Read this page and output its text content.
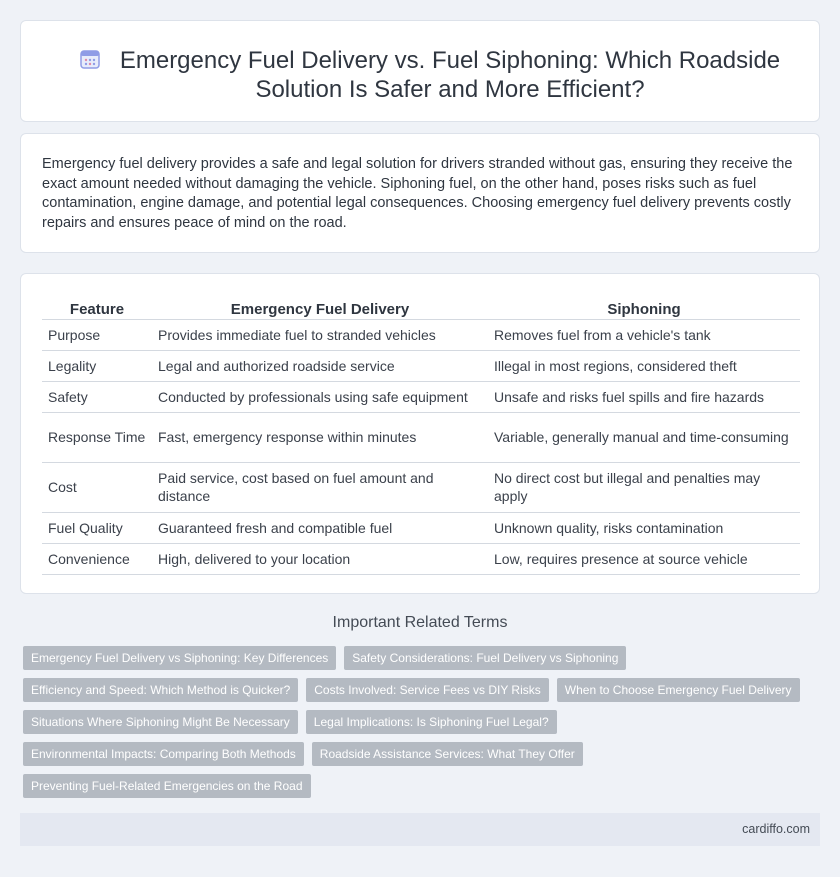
Emergency Fuel Delivery vs. Fuel Siphoning: Which Roadside Solution Is Safer and More Efficient?

Emergency fuel delivery provides a safe and legal solution for drivers stranded without gas, ensuring they receive the exact amount needed without damaging the vehicle. Siphoning fuel, on the other hand, poses risks such as fuel contamination, engine damage, and potential legal consequences. Choosing emergency fuel delivery prevents costly repairs and ensures peace of mind on the road.

Feature	Emergency Fuel Delivery	Siphoning
Purpose	Provides immediate fuel to stranded vehicles	Removes fuel from a vehicle's tank
Legality	Legal and authorized roadside service	Illegal in most regions, considered theft
Safety	Conducted by professionals using safe equipment	Unsafe and risks fuel spills and fire hazards
Response Time	Fast, emergency response within minutes	Variable, generally manual and time-consuming
Cost	Paid service, cost based on fuel amount and distance	No direct cost but illegal and penalties may apply
Fuel Quality	Guaranteed fresh and compatible fuel	Unknown quality, risks contamination
Convenience	High, delivered to your location	Low, requires presence at source vehicle
Important Related Terms
Emergency Fuel Delivery vs Siphoning: Key Differences	Safety Considerations: Fuel Delivery vs Siphoning
Efficiency and Speed: Which Method is Quicker?	Costs Involved: Service Fees vs DIY Risks	When to Choose Emergency Fuel Delivery
Situations Where Siphoning Might Be Necessary	Legal Implications: Is Siphoning Fuel Legal?
Environmental Impacts: Comparing Both Methods	Roadside Assistance Services: What They Offer
Preventing Fuel-Related Emergencies on the Road
cardiffo.com
